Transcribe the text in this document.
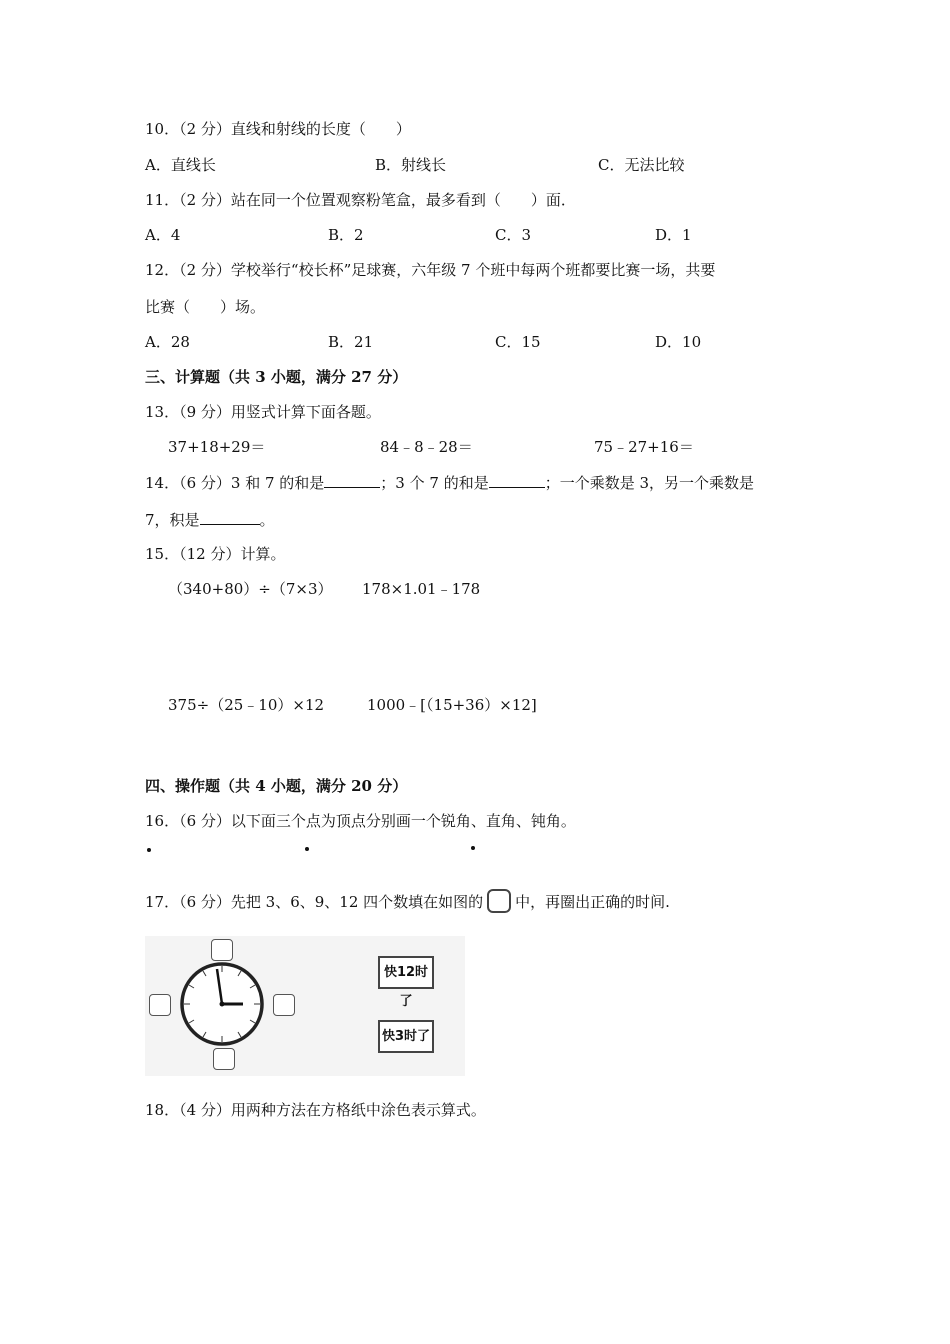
10．（2 分）直线和射线的长度（　　）
A．直线长	B．射线长	C．无法比较
11．（2 分）站在同一个位置观察粉笔盒，最多看到（　　）面．
A．4	B．2	C．3	D．1
12．（2 分）学校举行“校长杯”足球赛，六年级 7 个班中每两个班都要比赛一场，共要
比赛（　　）场。
A．28	B．21	C．15	D．10
三、计算题（共 3 小题，满分 27 分）
13．（9 分）用竖式计算下面各题。
37+18+29＝	84﹣8﹣28＝	75﹣27+16＝
14．（6 分）3 和 7 的和是	；3 个 7 的和是	；一个乘数是 3，另一个乘数是
7，积是	。
15．（12 分）计算。
（340+80）÷（7×3） 178×1.01﹣178
375÷（25﹣10）×12	1000﹣[（15+36）×12]
四、操作题（共 4 小题，满分 20 分）
16．（6 分）以下面三个点为顶点分别画一个锐角、直角、钝角。
17．（6 分）先把 3、6、9、12 四个数填在如图的 中，再圈出正确的时间.
快12时了
快3时了
18．（4 分）用两种方法在方格纸中涂色表示算式。
